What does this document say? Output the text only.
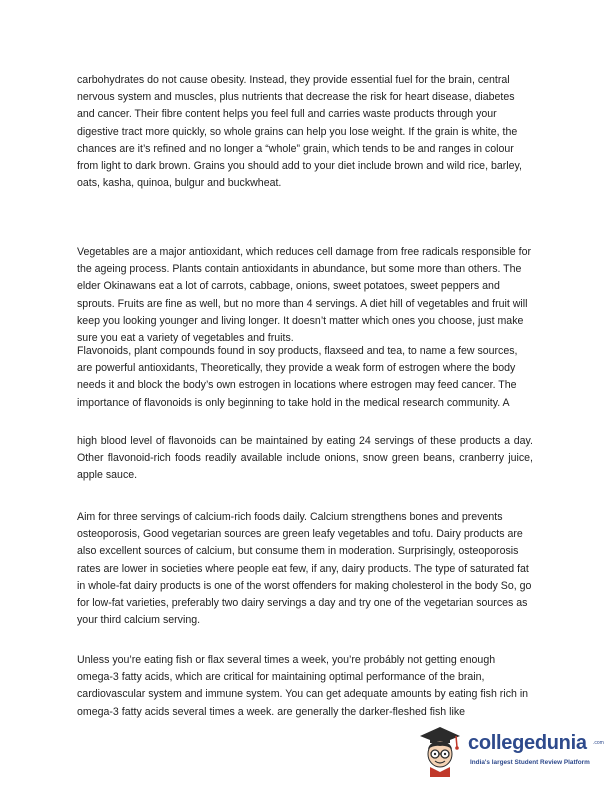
carbohydrates do not cause obesity. Instead, they provide essential fuel for the brain, central nervous system and muscles, plus nutrients that decrease the risk for heart disease, diabetes and cancer. Their fibre content helps you feel full and carries waste products through your digestive tract more quickly, so whole grains can help you lose weight. If the grain is white, the chances are it’s refined and no longer a “whole” grain, which tends to be and ranges in colour from light to dark brown. Grains you should add to your diet include brown and wild rice, barley, oats, kasha, quinoa, bulgur and buckwheat.

Vegetables are a major antioxidant, which reduces cell damage from free radicals responsible for the ageing process. Plants contain antioxidants in abundance, but some more than others. The elder Okinawans eat a lot of carrots, cabbage, onions, sweet potatoes, sweet peppers and sprouts. Fruits are fine as well, but no more than 4 servings. A diet hill of vegetables and fruit will keep you looking younger and living longer. It doesn’t matter which ones you choose, just make sure you eat a variety of vegetables and fruits.

Flavonoids, plant compounds found in soy products, flaxseed and tea, to name a few sources, are powerful antioxidants, Theoretically, they provide a weak form of estrogen where the body needs it and block the body’s own estrogen in locations where estrogen may feed cancer. The importance of flavonoids is only beginning to take hold in the medical research community. A

high blood level of flavonoids can be maintained by eating 24 servings of these products a day. Other flavonoid-rich foods readily available include onions, snow green beans, cranberry juice, apple sauce.

Aim for three servings of calcium-rich foods daily. Calcium strengthens bones and prevents osteoporosis, Good vegetarian sources are green leafy vegetables and tofu. Dairy products are also excellent sources of calcium, but consume them in moderation. Surprisingly, osteoporosis rates are lower in societies where people eat few, if any, dairy products. The type of saturated fat in whole-fat dairy products is one of the worst offenders for making cholesterol in the body So, go for low-fat varieties, preferably two dairy servings a day and try one of the vegetarian sources as your third calcium serving.

Unless you’re eating fish or flax several times a week, you’re probábly not getting enough omega-3 fatty acids, which are critical for maintaining optimal performance of the brain, cardiovascular system and immune system. You can get adequate amounts by eating fish rich in omega-3 fatty acids several times a week. are generally the darker-fleshed fish like

collegedunia .com
India's largest Student Review Platform
